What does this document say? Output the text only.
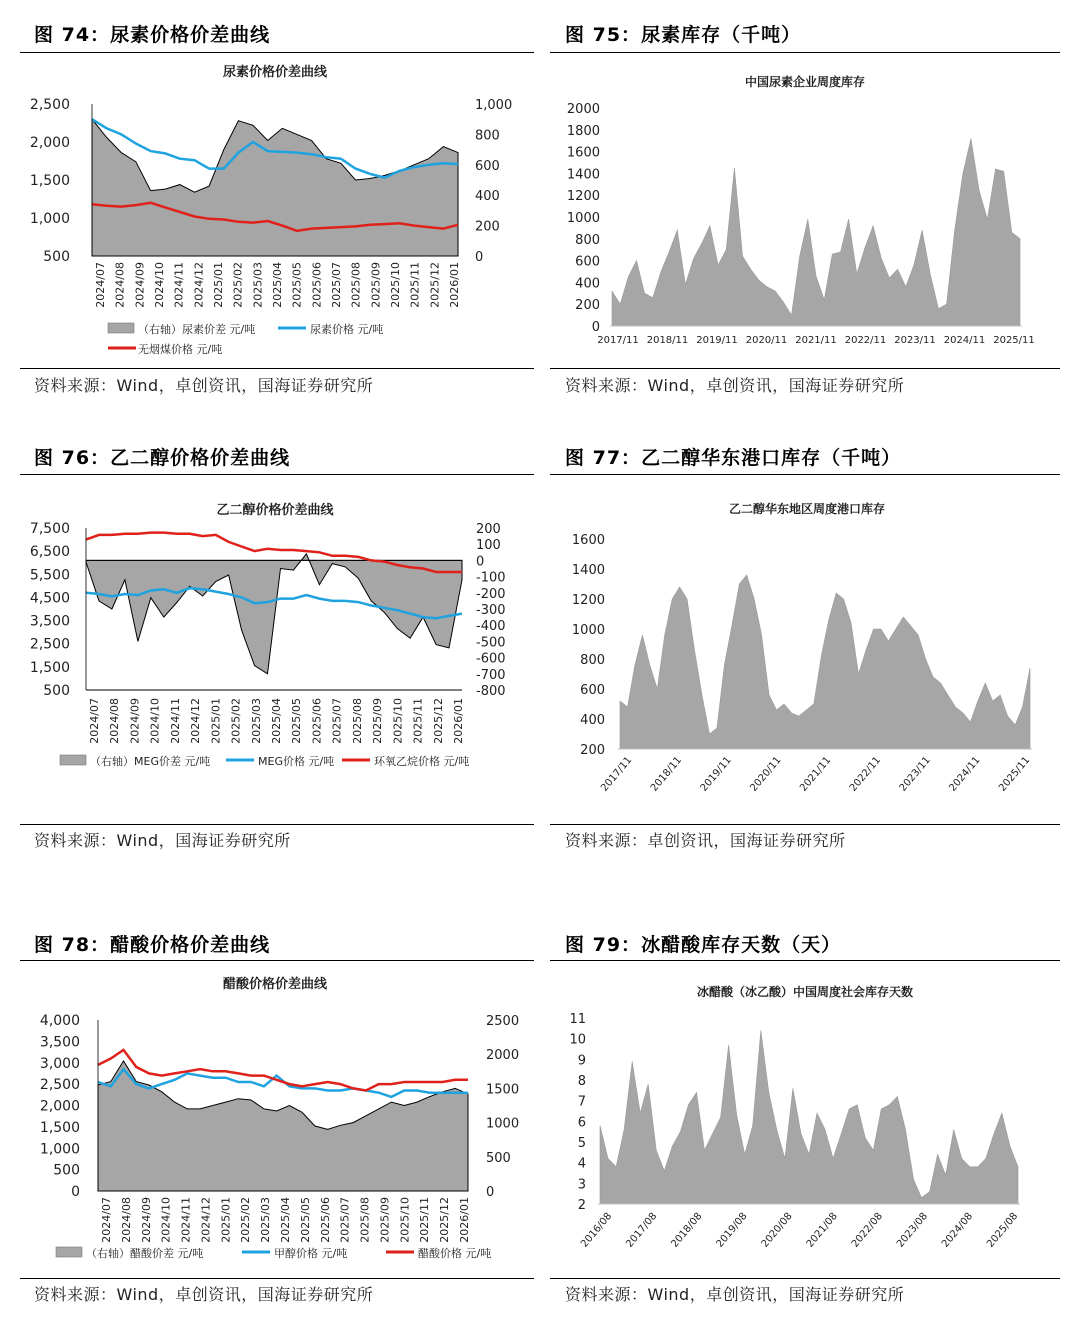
图 74：尿素价格价差曲线	图 75：尿素库存（千吨）
图 76：乙二醇价格价差曲线	图 77：乙二醇华东港口库存（千吨）
图 78：醋酸价格价差曲线	图 79：冰醋酸库存天数（天）
资料来源：Wind，卓创资讯，国海证券研究所	资料来源：Wind，卓创资讯，国海证券研究所
资料来源：Wind，国海证券研究所	资料来源：卓创资讯，国海证券研究所
资料来源：Wind，卓创资讯，国海证券研究所	资料来源：Wind，卓创资讯，国海证券研究所
尿素价格价差曲线
2,500
2,000
1,500
1,000
500
1,000
800
600
400
200
0
2024/07 2024/08 2024/09 2024/10 2024/11 2024/12 2025/01 2025/02 2025/03 2025/04 2025/05 2025/06 2025/07 2025/08 2025/09 2025/10 2025/11 2025/12 2026/01
（右轴）尿素价差 元/吨	尿素价格 元/吨
无烟煤价格 元/吨
中国尿素企业周度库存
2000
1800
1600
1400
1200
1000
800
600
400
200
0
2017/11 2018/11 2019/11 2020/11 2021/11 2022/11 2023/11 2024/11 2025/11
乙二醇价格价差曲线
7,500
6,500
5,500
4,500
3,500
2,500
1,500
500
200
100
0
-100
-200
-300
-400
-500
-600
-700
-800
2024/07 2024/08 2024/09 2024/10 2024/11 2024/12 2025/01 2025/02 2025/03 2025/04 2025/05 2025/06 2025/07 2025/08 2025/09 2025/10 2025/11 2025/12 2026/01
（右轴）MEG价差 元/吨	MEG价格 元/吨	环氧乙烷价格 元/吨
乙二醇华东地区周度港口库存
1600
1400
1200
1000
800
600
400
200
2017/11 2018/11 2019/11 2020/11 2021/11 2022/11 2023/11 2024/11 2025/11
醋酸价格价差曲线
4,000
3,500
3,000
2,500
2,000
1,500
1,000
500
0
2500
2000
1500
1000
500
0
2024/07 2024/08 2024/09 2024/10 2024/11 2024/12 2025/01 2025/02 2025/03 2025/04 2025/05 2025/06 2025/07 2025/08 2025/09 2025/10 2025/11 2025/12 2026/01
（右轴）醋酸价差 元/吨	甲醇价格 元/吨	醋酸价格 元/吨
冰醋酸（冰乙酸）中国周度社会库存天数
11
10
9
8
7
6
5
4
3
2
2016/08 2017/08 2018/08 2019/08 2020/08 2021/08 2022/08 2023/08 2024/08 2025/08
